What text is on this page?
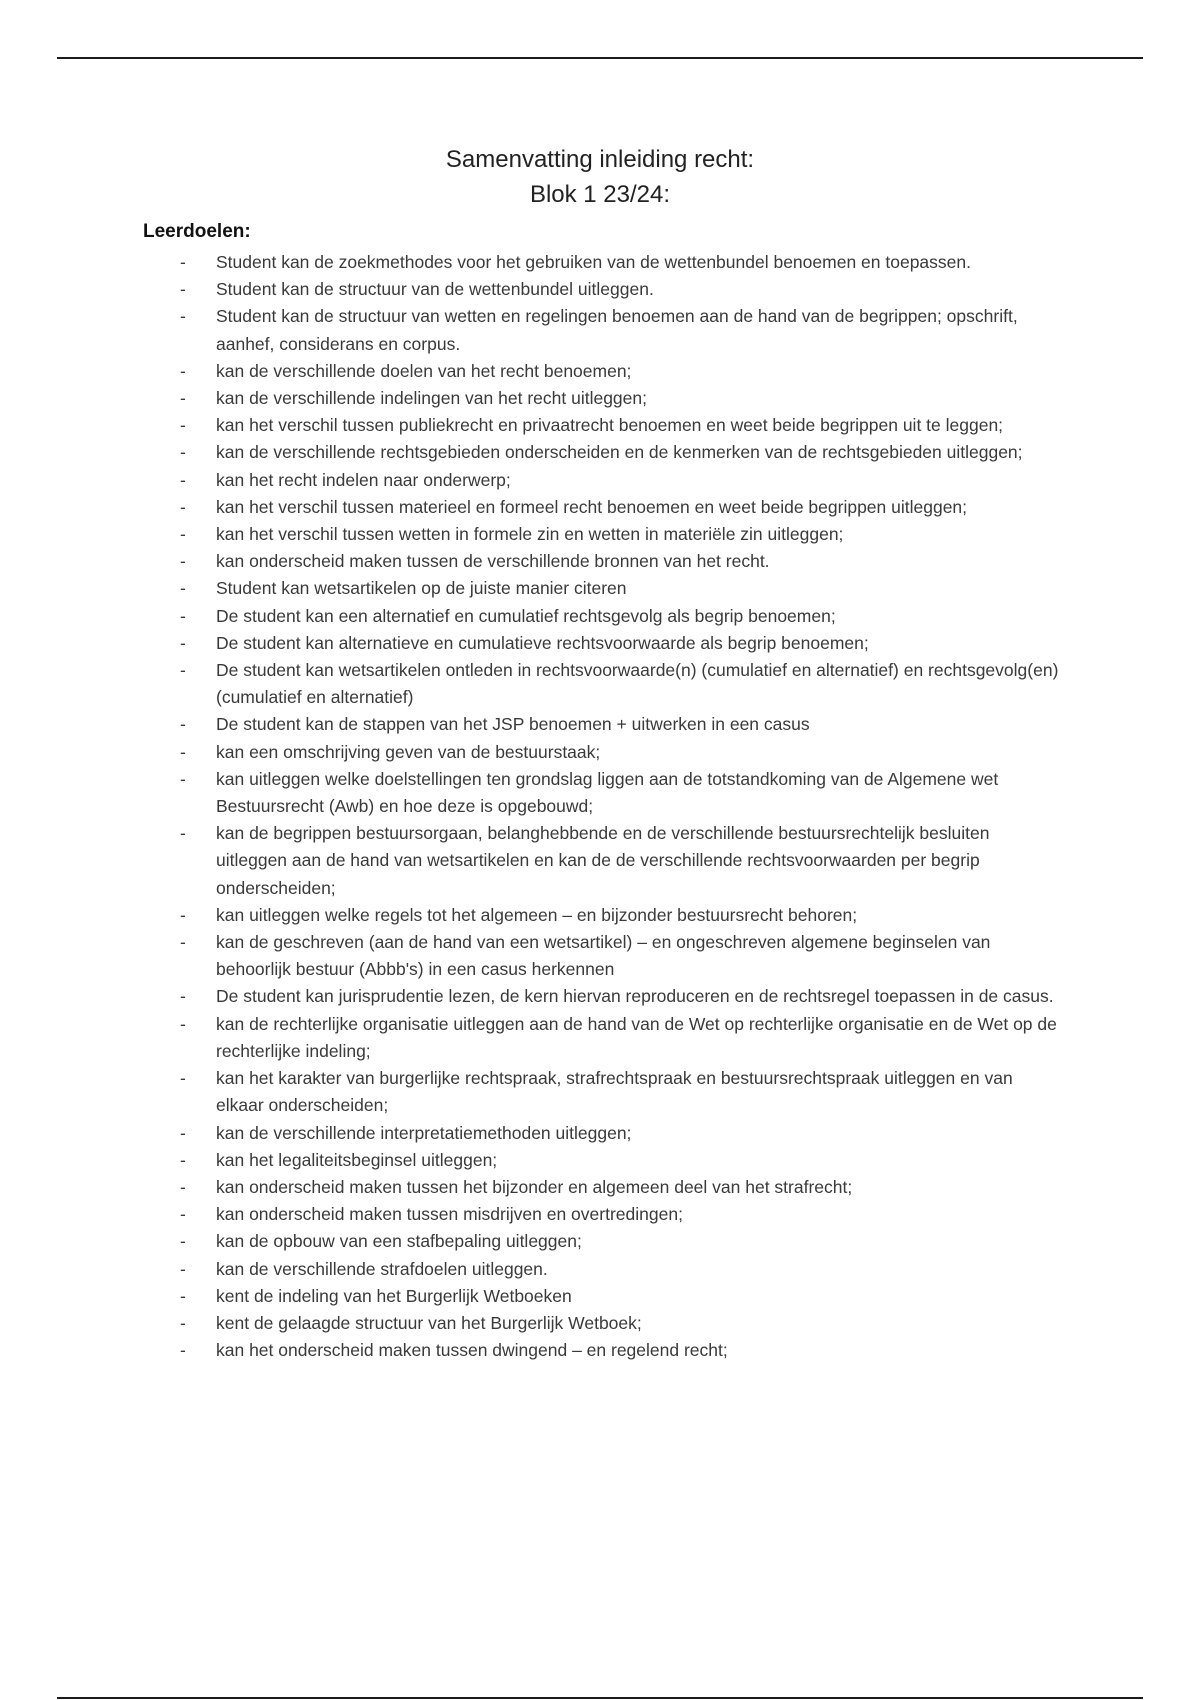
Samenvatting inleiding recht:
Blok 1 23/24:
Leerdoelen:
- Student kan de zoekmethodes voor het gebruiken van de wettenbundel benoemen en toepassen.
- Student kan de structuur van de wettenbundel uitleggen.
- Student kan de structuur van wetten en regelingen benoemen aan de hand van de begrippen; opschrift, aanhef, considerans en corpus.
- kan de verschillende doelen van het recht benoemen;
- kan de verschillende indelingen van het recht uitleggen;
- kan het verschil tussen publiekrecht en privaatrecht benoemen en weet beide begrippen uit te leggen;
- kan de verschillende rechtsgebieden onderscheiden en de kenmerken van de rechtsgebieden uitleggen;
- kan het recht indelen naar onderwerp;
- kan het verschil tussen materieel en formeel recht benoemen en weet beide begrippen uitleggen;
- kan het verschil tussen wetten in formele zin en wetten in materiële zin uitleggen;
- kan onderscheid maken tussen de verschillende bronnen van het recht.
- Student kan wetsartikelen op de juiste manier citeren
- De student kan een alternatief en cumulatief rechtsgevolg als begrip benoemen;
- De student kan alternatieve en cumulatieve rechtsvoorwaarde als begrip benoemen;
- De student kan wetsartikelen ontleden in rechtsvoorwaarde(n) (cumulatief en alternatief) en rechtsgevolg(en) (cumulatief en alternatief)
- De student kan de stappen van het JSP benoemen + uitwerken in een casus
- kan een omschrijving geven van de bestuurstaak;
- kan uitleggen welke doelstellingen ten grondslag liggen aan de totstandkoming van de Algemene wet Bestuursrecht (Awb) en hoe deze is opgebouwd;
- kan de begrippen bestuursorgaan, belanghebbende en de verschillende bestuursrechtelijk besluiten uitleggen aan de hand van wetsartikelen en kan de de verschillende rechtsvoorwaarden per begrip onderscheiden;
- kan uitleggen welke regels tot het algemeen – en bijzonder bestuursrecht behoren;
- kan de geschreven (aan de hand van een wetsartikel) – en ongeschreven algemene beginselen van behoorlijk bestuur (Abbb's) in een casus herkennen
- De student kan jurisprudentie lezen, de kern hiervan reproduceren en de rechtsregel toepassen in de casus.
- kan de rechterlijke organisatie uitleggen aan de hand van de Wet op rechterlijke organisatie en de Wet op de rechterlijke indeling;
- kan het karakter van burgerlijke rechtspraak, strafrechtspraak en bestuursrechtspraak uitleggen en van elkaar onderscheiden;
- kan de verschillende interpretatiemethoden uitleggen;
- kan het legaliteitsbeginsel uitleggen;
- kan onderscheid maken tussen het bijzonder en algemeen deel van het strafrecht;
- kan onderscheid maken tussen misdrijven en overtredingen;
- kan de opbouw van een stafbepaling uitleggen;
- kan de verschillende strafdoelen uitleggen.
- kent de indeling van het Burgerlijk Wetboeken
- kent de gelaagde structuur van het Burgerlijk Wetboek;
- kan het onderscheid maken tussen dwingend – en regelend recht;
